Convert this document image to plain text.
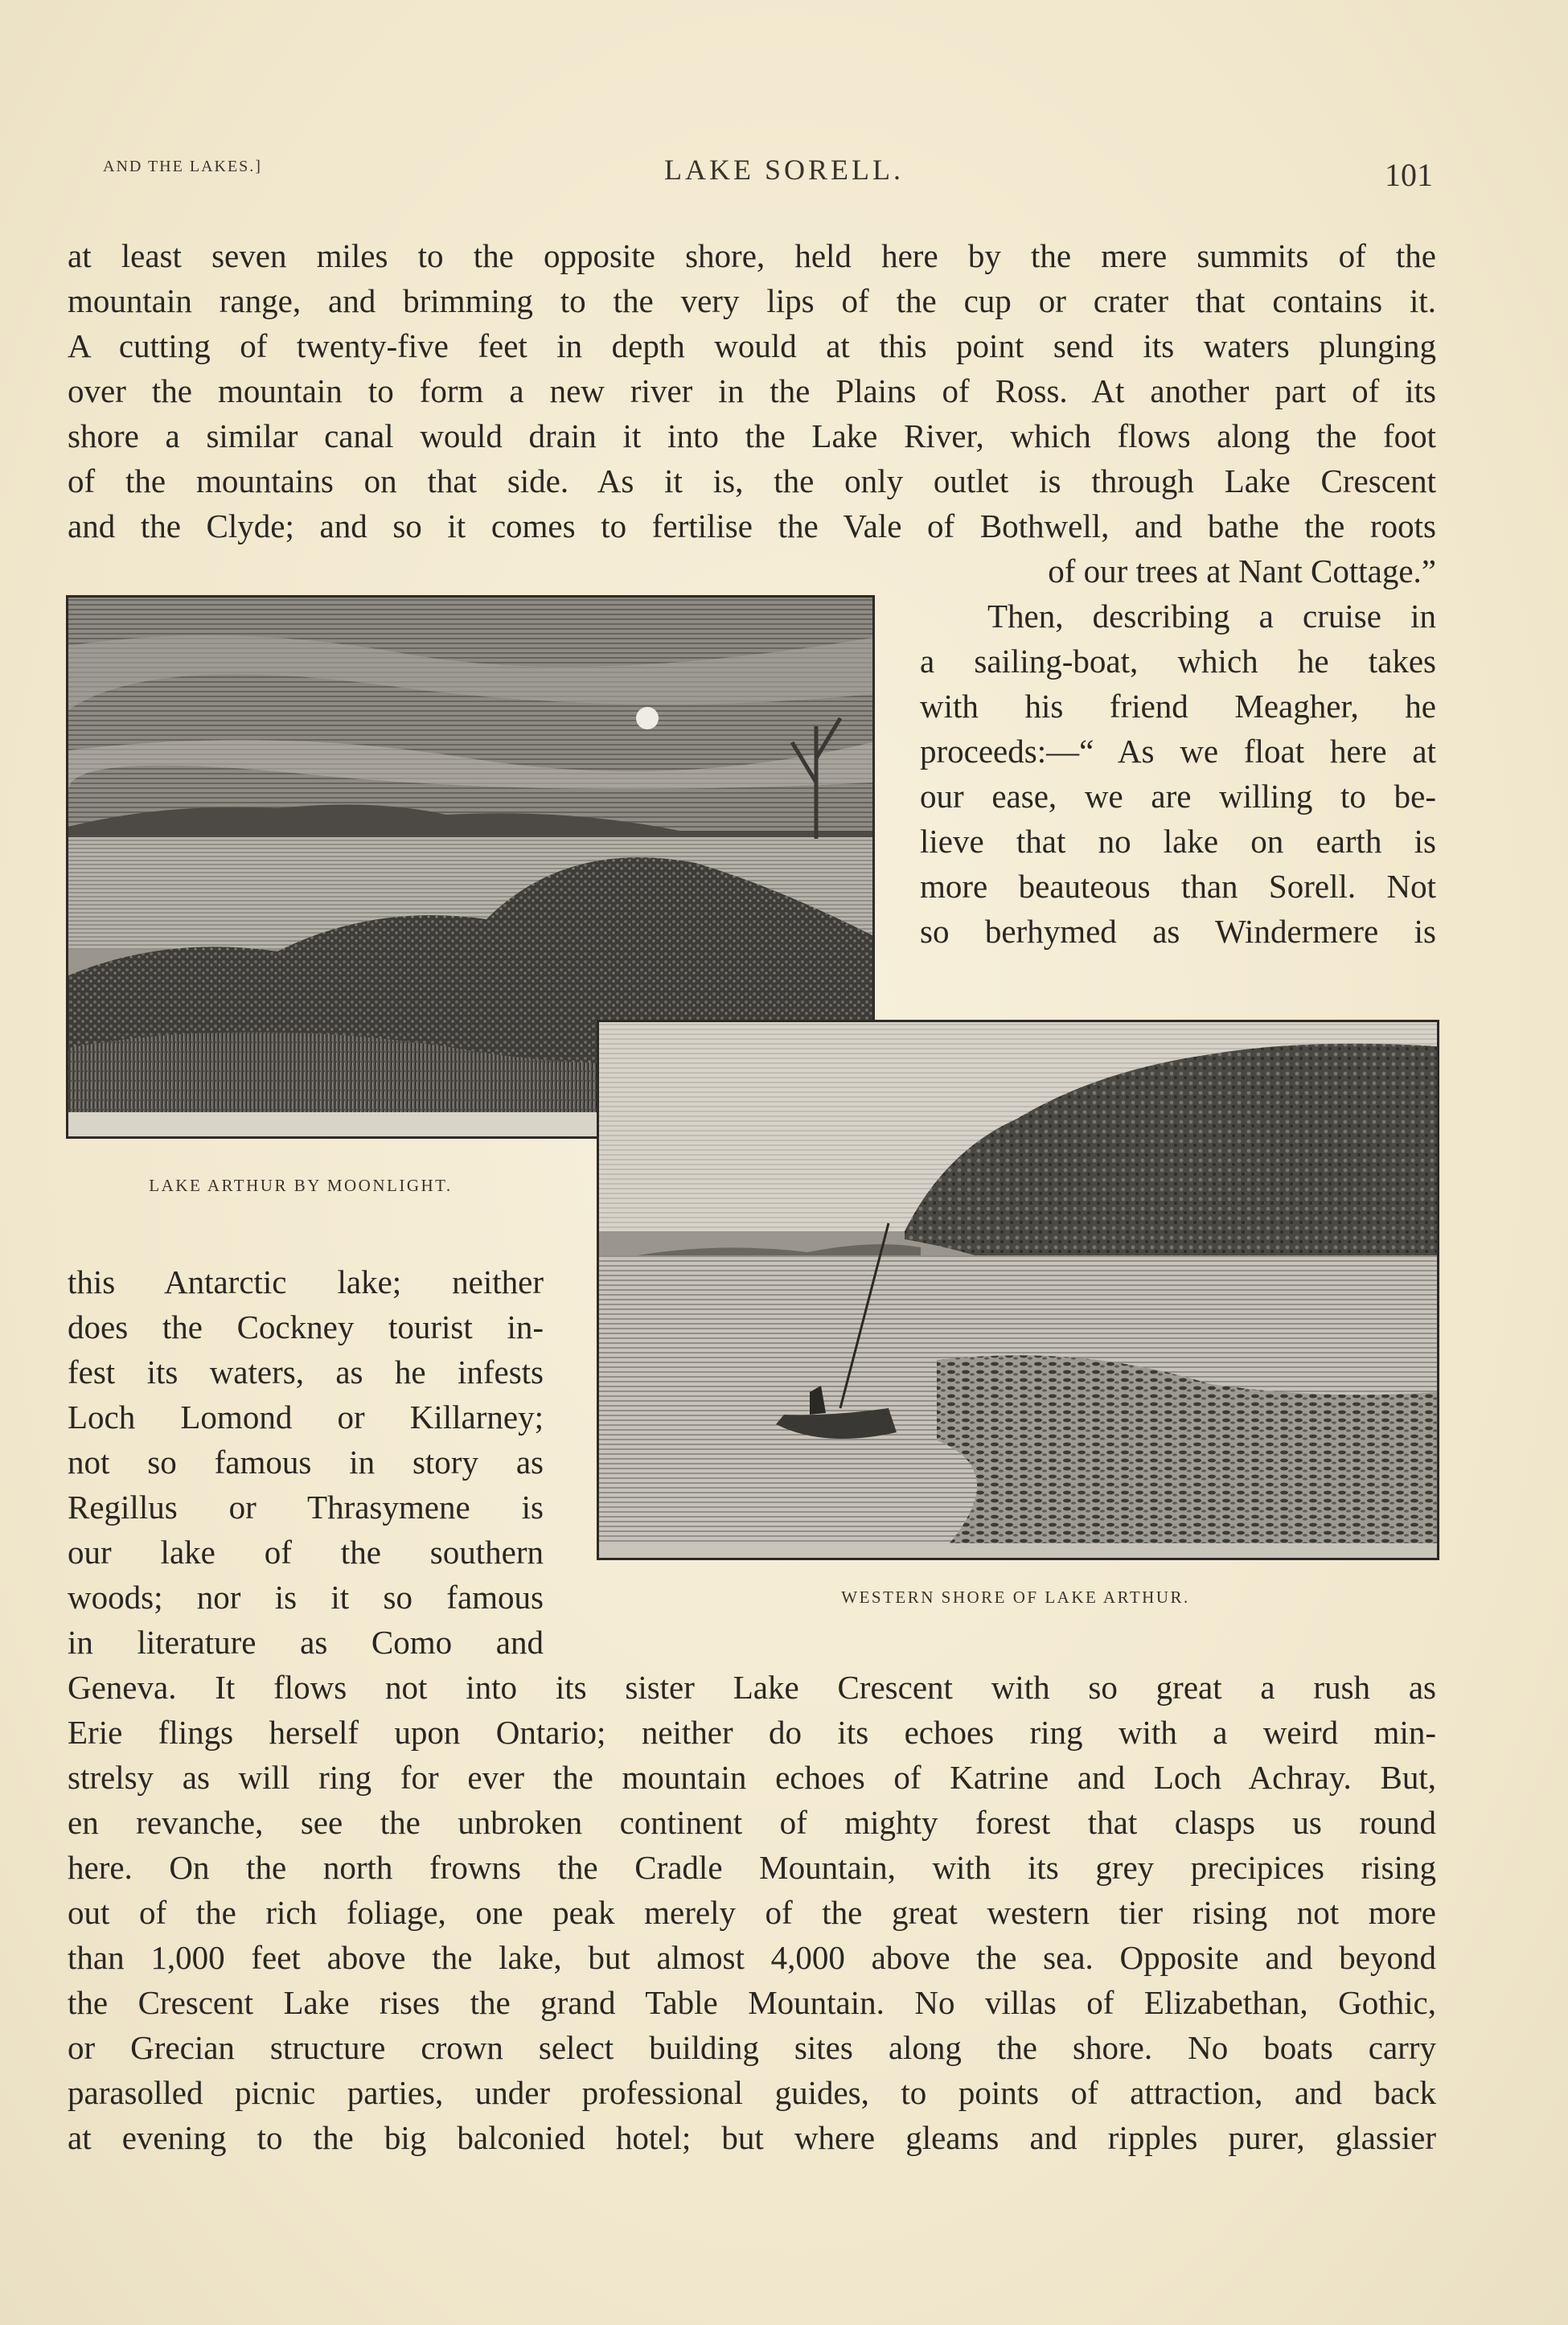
AND THE LAKES.]	LAKE SORELL.	101
at least seven miles to the opposite shore, held here by the mere summits of the
mountain range, and brimming to the very lips of the cup or crater that contains it.
A cutting of twenty-five feet in depth would at this point send its waters plunging
over the mountain to form a new river in the Plains of Ross. At another part of its
shore a similar canal would drain it into the Lake River, which flows along the foot
of the mountains on that side. As it is, the only outlet is through Lake Crescent
and the Clyde; and so it comes to fertilise the Vale of Bothwell, and bathe the roots
of our trees at Nant Cottage.”
Then, describing a cruise in
a sailing-boat, which he takes
with his friend Meagher, he
proceeds:—“ As we float here at
our ease, we are willing to be-
lieve that no lake on earth is
more beauteous than Sorell. Not
so berhymed as Windermere is
LAKE ARTHUR BY MOONLIGHT.
WESTERN SHORE OF LAKE ARTHUR.
this Antarctic lake; neither
does the Cockney tourist in-
fest its waters, as he infests
Loch Lomond or Killarney;
not so famous in story as
Regillus or Thrasymene is
our lake of the southern
woods; nor is it so famous
in literature as Como and
Geneva. It flows not into its sister Lake Crescent with so great a rush as
Erie flings herself upon Ontario; neither do its echoes ring with a weird min-
strelsy as will ring for ever the mountain echoes of Katrine and Loch Achray. But,
en revanche, see the unbroken continent of mighty forest that clasps us round
here. On the north frowns the Cradle Mountain, with its grey precipices rising
out of the rich foliage, one peak merely of the great western tier rising not more
than 1,000 feet above the lake, but almost 4,000 above the sea. Opposite and beyond
the Crescent Lake rises the grand Table Mountain. No villas of Elizabethan, Gothic,
or Grecian structure crown select building sites along the shore. No boats carry
parasolled picnic parties, under professional guides, to points of attraction, and back
at evening to the big balconied hotel; but where gleams and ripples purer, glassier
